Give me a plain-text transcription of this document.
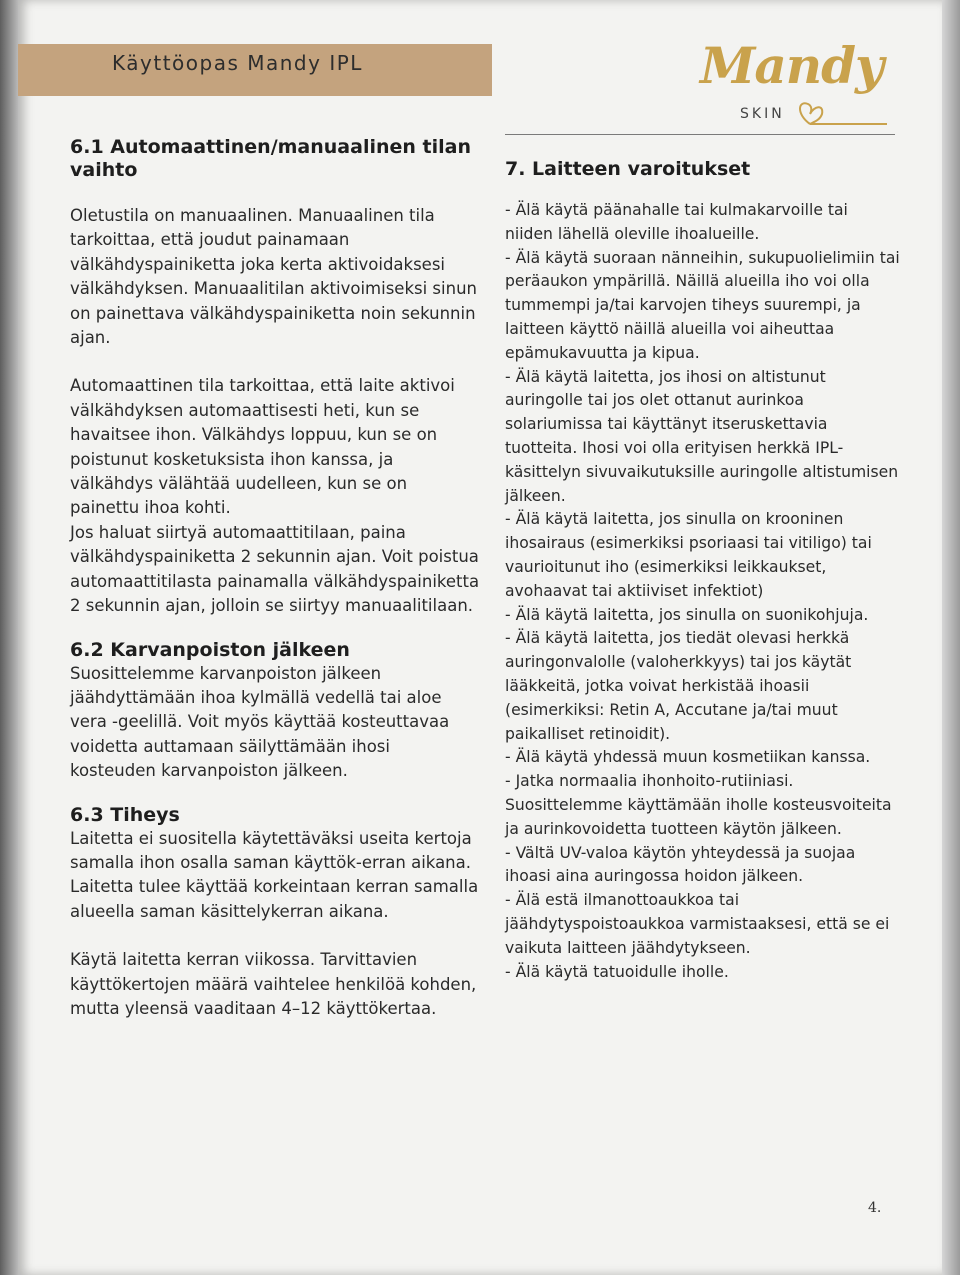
Käyttöopas Mandy IPL	Mandy
SKIN
6.1 Automaattinen/manuaalinen tilan vaihto

Oletustila on manuaalinen. Manuaalinen tila tarkoittaa, että joudut painamaan välkähdyspainiketta joka kerta aktivoidaksesi välkähdyksen. Manuaalitilan aktivoimiseksi sinun on painettava välkähdyspainiketta noin sekunnin ajan.

Automaattinen tila tarkoittaa, että laite aktivoi välkähdyksen automaattisesti heti, kun se havaitsee ihon. Välkähdys loppuu, kun se on poistunut kosketuksista ihon kanssa, ja välkähdys välähtää uudelleen, kun se on painettu ihoa kohti.

Jos haluat siirtyä automaattitilaan, paina välkähdyspainiketta 2 sekunnin ajan. Voit poistua automaattitilasta painamalla välkähdyspainiketta 2 sekunnin ajan, jolloin se siirtyy manuaalitilaan.

6.2 Karvanpoiston jälkeen

Suosittelemme karvanpoiston jälkeen jäähdyttämään ihoa kylmällä vedellä tai aloe vera -geelillä. Voit myös käyttää kosteuttavaa voidetta auttamaan säilyttämään ihosi kosteuden karvanpoiston jälkeen.

6.3 Tiheys

Laitetta ei suositella käytettäväksi useita kertoja samalla ihon osalla saman käyttök-erran aikana. Laitetta tulee käyttää korkeintaan kerran samalla alueella saman käsittelykerran aikana.

Käytä laitetta kerran viikossa. Tarvittavien käyttökertojen määrä vaihtelee henkilöä kohden, mutta yleensä vaaditaan 4–12 käyttökertaa.

7. Laitteen varoitukset

- Älä käytä päänahalle tai kulmakarvoille tai niiden lähellä oleville ihoalueille.

- Älä käytä suoraan nänneihin, sukupuolielimiin tai peräaukon ympärillä. Näillä alueilla iho voi olla tummempi ja/tai karvojen tiheys suurempi, ja laitteen käyttö näillä alueilla voi aiheuttaa epämukavuutta ja kipua.

- Älä käytä laitetta, jos ihosi on altistunut auringolle tai jos olet ottanut aurinkoa solariumissa tai käyttänyt itseruskettavia tuotteita. Ihosi voi olla erityisen herkkä IPL-käsittelyn sivuvaikutuksille auringolle altistumisen jälkeen.

- Älä käytä laitetta, jos sinulla on krooninen ihosairaus (esimerkiksi psoriaasi tai vitiligo) tai vaurioitunut iho (esimerkiksi leikkaukset, avohaavat tai aktiiviset infektiot)

- Älä käytä laitetta, jos sinulla on suonikohjuja.

- Älä käytä laitetta, jos tiedät olevasi herkkä auringonvalolle (valoherkkyys) tai jos käytät lääkkeitä, jotka voivat herkistää ihoasii (esimerkiksi: Retin A, Accutane ja/tai muut paikalliset retinoidit).

- Älä käytä yhdessä muun kosmetiikan kanssa.

- Jatka normaalia ihonhoito-rutiiniasi. Suosittelemme käyttämään iholle kosteusvoiteita ja aurinkovoidetta tuotteen käytön jälkeen.

- Vältä UV-valoa käytön yhteydessä ja suojaa ihoasi aina auringossa hoidon jälkeen.

- Älä estä ilmanottoaukkoa tai jäähdytyspoistoaukkoa varmistaaksesi, että se ei vaikuta laitteen jäähdytykseen.

- Älä käytä tatuoidulle iholle.

4.
